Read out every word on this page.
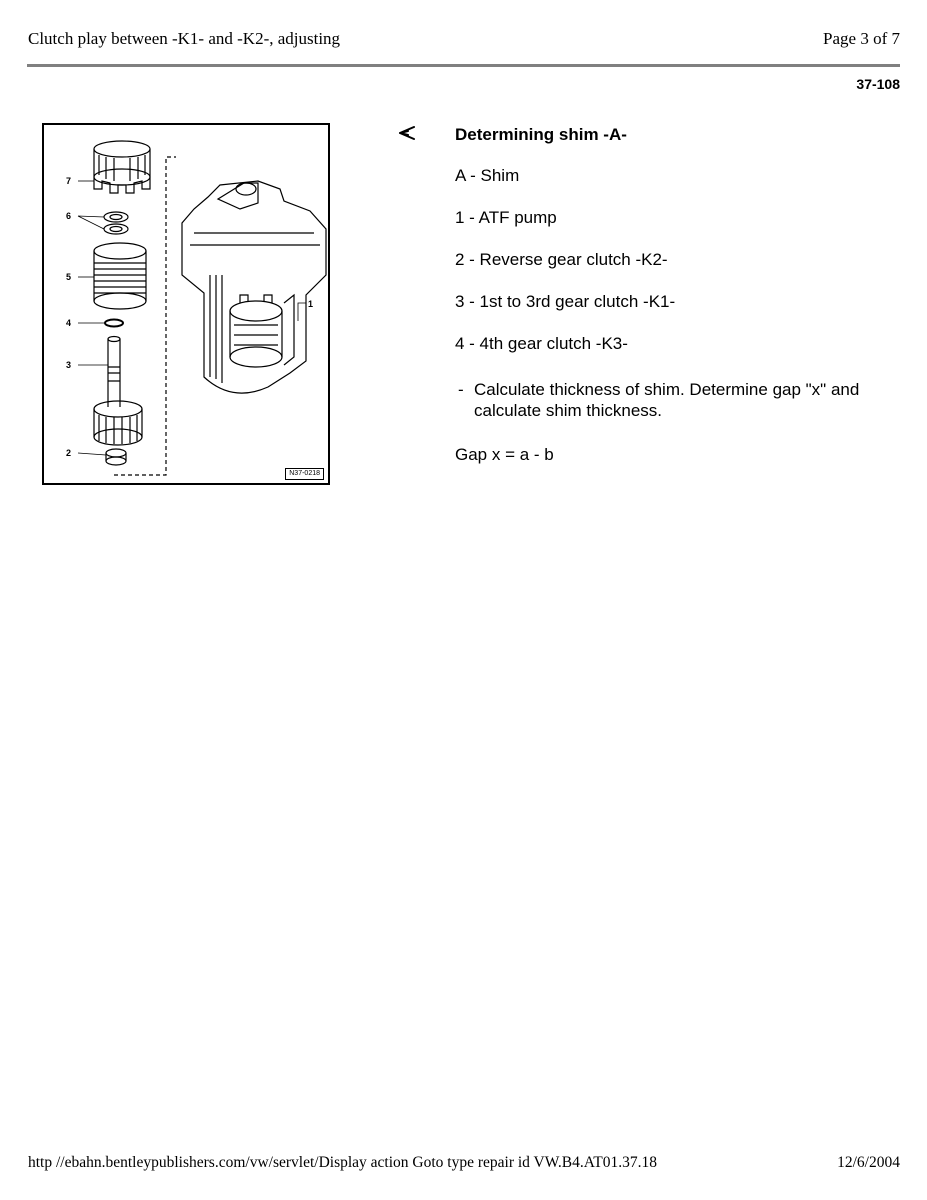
Clutch play between -K1- and -K2-, adjusting	Page 3 of 7
37-108
7
6
5
4
3
2
1
N37-0218
Determining shim -A-
A - Shim
1 - ATF pump
2 - Reverse gear clutch -K2-
3 - 1st to 3rd gear clutch -K1-
4 - 4th gear clutch -K3-
- Calculate thickness of shim. Determine gap "x" and calculate shim thickness.
Gap x = a - b
http //ebahn.bentleypublishers.com/vw/servlet/Display action Goto type repair id VW.B4.AT01.37.18	12/6/2004
